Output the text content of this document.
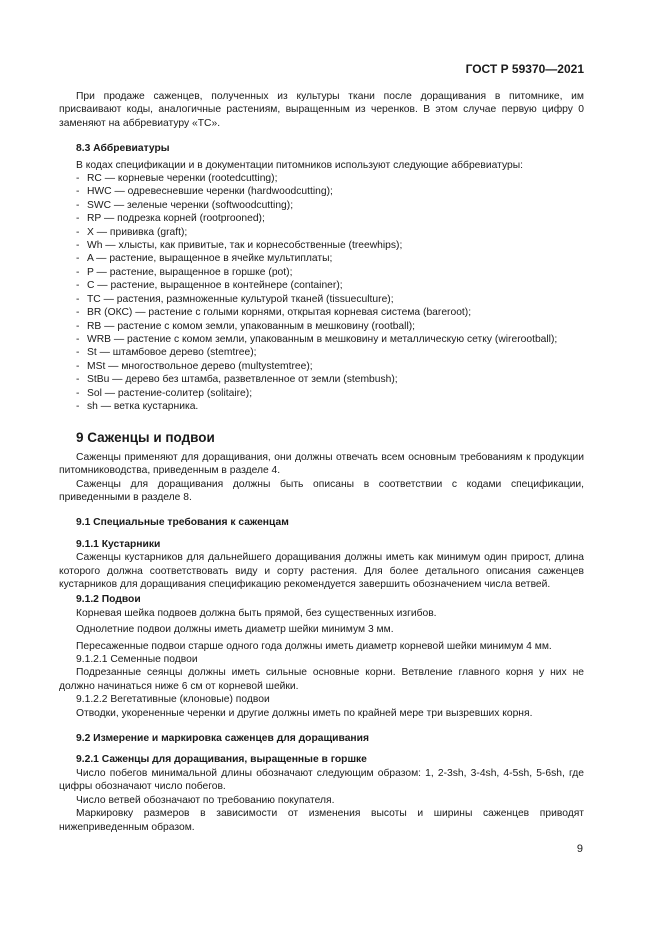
ГОСТ Р 59370—2021

При продаже саженцев, полученных из культуры ткани после доращивания в питомнике, им присваивают коды, аналогичные растениям, выращенным из черенков. В этом случае первую цифру 0 заменяют на аббревиатуру «TC».

8.3 Аббревиатуры

В кодах спецификации и в документации питомников используют следующие аббревиатуры:

- RC — корневые черенки (rootedcutting);
- HWC — одревесневшие черенки (hardwoodcutting);
- SWC — зеленые черенки (softwoodcutting);
- RP — подрезка корней (rootprooned);
- X — прививка (graft);
- Wh — хлысты, как привитые, так и корнесобственные (treewhips);
- A — растение, выращенное в ячейке мультиплаты;
- P — растение, выращенное в горшке (pot);
- C — растение, выращенное в контейнере (container);
- TC — растения, размноженные культурой тканей (tissueculture);
- BR (ОКС) — растение с голыми корнями, открытая корневая система (bareroot);
- RB — растение с комом земли, упакованным в мешковину (rootball);
- WRB — растение с комом земли, упакованным в мешковину и металлическую сетку (wirerootball);
- St — штамбовое дерево (stemtree);
- MSt — многоствольное дерево (multystemtree);
- StBu — дерево без штамба, разветвленное от земли (stembush);
- Sol — растение-солитер (solitaire);
- sh — ветка кустарника.
9 Саженцы и подвои

Саженцы применяют для доращивания, они должны отвечать всем основным требованиям к продукции питомниководства, приведенным в разделе 4.

Саженцы для доращивания должны быть описаны в соответствии с кодами спецификации, приведенными в разделе 8.

9.1 Специальные требования к саженцам
9.1.1 Кустарники

Саженцы кустарников для дальнейшего доращивания должны иметь как минимум один прирост, длина которого должна соответствовать виду и сорту растения. Для более детального описания саженцев кустарников для доращивания спецификацию рекомендуется завершить обозначением числа ветвей.

9.1.2 Подвои

Корневая шейка подвоев должна быть прямой, без существенных изгибов.

Однолетние подвои должны иметь диаметр шейки минимум 3 мм.

Пересаженные подвои старше одного года должны иметь диаметр корневой шейки минимум 4 мм.

9.1.2.1 Семенные подвои

Подрезанные сеянцы должны иметь сильные основные корни. Ветвление главного корня у них не должно начинаться ниже 6 см от корневой шейки.

9.1.2.2 Вегетативные (клоновые) подвои

Отводки, укорененные черенки и другие должны иметь по крайней мере три вызревших корня.

9.2 Измерение и маркировка саженцев для доращивания
9.2.1 Саженцы для доращивания, выращенные в горшке

Число побегов минимальной длины обозначают следующим образом: 1, 2-3sh, 3-4sh, 4-5sh, 5-6sh, где цифры обозначают число побегов.

Число ветвей обозначают по требованию покупателя.

Маркировку размеров в зависимости от изменения высоты и ширины саженцев приводят нижеприведенным образом.

9
